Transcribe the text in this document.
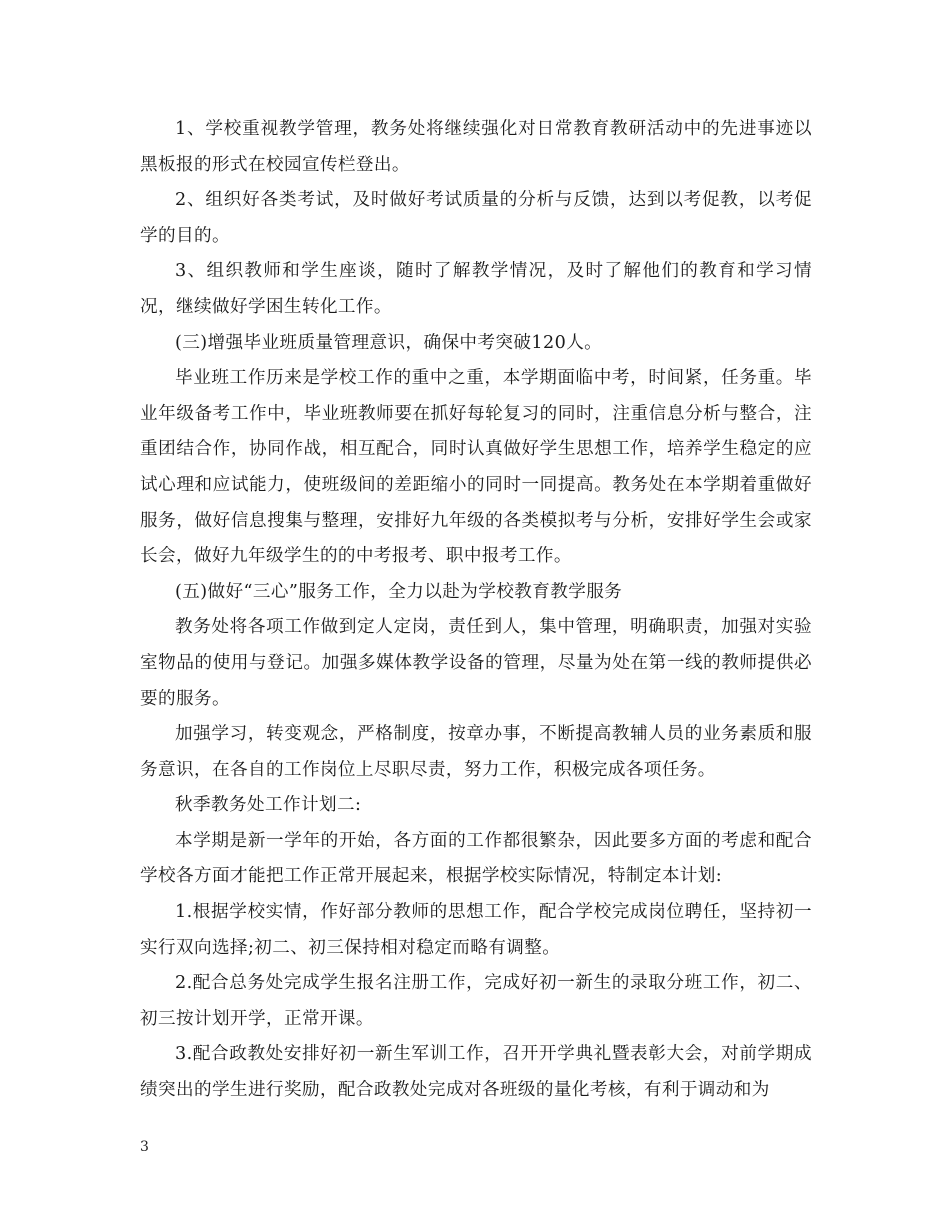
1、学校重视教学管理，教务处将继续强化对日常教育教研活动中的先进事迹以黑板报的形式在校园宣传栏登出。

2、组织好各类考试，及时做好考试质量的分析与反馈，达到以考促教，以考促学的目的。

3、组织教师和学生座谈，随时了解教学情况，及时了解他们的教育和学习情况，继续做好学困生转化工作。

(三)增强毕业班质量管理意识，确保中考突破120人。

毕业班工作历来是学校工作的重中之重，本学期面临中考，时间紧，任务重。毕业年级备考工作中，毕业班教师要在抓好每轮复习的同时，注重信息分析与整合，注重团结合作，协同作战，相互配合，同时认真做好学生思想工作，培养学生稳定的应试心理和应试能力，使班级间的差距缩小的同时一同提高。教务处在本学期着重做好服务，做好信息搜集与整理，安排好九年级的各类模拟考与分析，安排好学生会或家长会，做好九年级学生的的中考报考、职中报考工作。

(五)做好“三心”服务工作，全力以赴为学校教育教学服务

教务处将各项工作做到定人定岗，责任到人，集中管理，明确职责，加强对实验室物品的使用与登记。加强多媒体教学设备的管理，尽量为处在第一线的教师提供必要的服务。

加强学习，转变观念，严格制度，按章办事，不断提高教辅人员的业务素质和服务意识，在各自的工作岗位上尽职尽责，努力工作，积极完成各项任务。

秋季教务处工作计划二:

本学期是新一学年的开始，各方面的工作都很繁杂，因此要多方面的考虑和配合学校各方面才能把工作正常开展起来，根据学校实际情况，特制定本计划:

1.根据学校实情，作好部分教师的思想工作，配合学校完成岗位聘任，坚持初一实行双向选择;初二、初三保持相对稳定而略有调整。

2.配合总务处完成学生报名注册工作，完成好初一新生的录取分班工作，初二、初三按计划开学，正常开课。

3.配合政教处安排好初一新生军训工作，召开开学典礼暨表彰大会，对前学期成绩突出的学生进行奖励，配合政教处完成对各班级的量化考核，有利于调动和为

3
